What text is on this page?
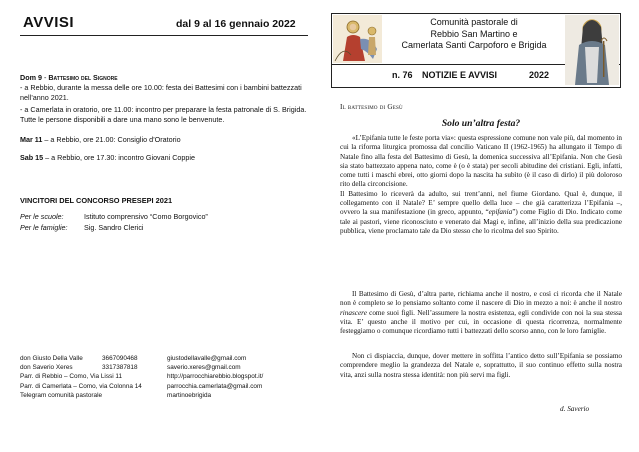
AVVISI	dal 9 al 16 gennaio 2022
Dom 9 - Battesimo del Signore
- a Rebbio, durante la messa delle ore 10.00: festa dei Battesimi con i bambini battezzati nell’anno 2021.
- a Camerlata in oratorio, ore 11.00: incontro per preparare la festa patronale di S. Brigida. Tutte le persone disponibili a dare una mano sono le benvenute.
Mar 11 – a Rebbio, ore 21.00: Consiglio d’Oratorio
Sab 15 – a Rebbio, ore 17.30: incontro Giovani Coppie
VINCITORI DEL CONCORSO PRESEPI 2021
Per le scuole:	Istituto comprensivo “Como Borgovico”
Per le famiglie: Sig. Sandro Clerici
don Giusto Della Valle	3667090468	giustodellavalle@gmail.com
don Saverio Xeres	3317387818	saverio.xeres@gmail.com
Parr. di Rebbio – Como, Via Lissi 11	http://parrocchiarebbio.blogspot.it/
Parr. di Camerlata – Como, via Colonna 14	parrocchia.camerlata@gmail.com
Telegram comunità pastorale	martinoebrigida
Comunità pastorale di
Rebbio San Martino e
Camerlata Santi Carpoforo e Brigida
n. 76 NOTIZIE E AVVISI	2022
Il battesimo di Gesù
Solo un’altra festa?
«L’Epifania tutte le feste porta via»: questa espressione comune non vale più, dal momento in cui la riforma liturgica promossa dal concilio Vaticano II (1962-1965) ha allungato il Tempo di Natale fino alla festa del Battesimo di Gesù, la domenica successiva all’Epifania. Non che Gesù sia stato battezzato appena nato, come è (o è stata) per secoli abitudine dei cristiani. Egli, infatti, come tutti i maschi ebrei, otto giorni dopo la nascita ha subìto (è il caso di dirlo) il più doloroso rito della circoncisione.
Il Battesimo lo riceverà da adulto, sui trent’anni, nel fiume Giordano. Qual è, dunque, il collegamento con il Natale? E’ sempre quello della luce – che già caratterizza l’Epifania –, ovvero la sua manifestazione (in greco, appunto, “epifania”) come Figlio di Dio. Indicato come tale ai pastori, viene riconosciuto e venerato dai Magi e, infine, all’inizio della sua predicazione pubblica, viene proclamato tale da Dio stesso che lo ricolma del suo Spirito.
Il Battesimo di Gesù, d’altra parte, richiama anche il nostro, e così ci ricorda che il Natale non è completo se lo pensiamo soltanto come il nascere di Dio in mezzo a noi: è anche il nostro rinascere come suoi figli. Nell’assumere la nostra esistenza, egli condivide con noi la sua stessa vita. E’ questo anche il motivo per cui, in occasione di questa ricorrenza, normalmente festeggiamo o comunque ricordiamo tutti i battezzati dello scorso anno, con le loro famiglie.
Non ci dispiaccia, dunque, dover mettere in soffitta l’antico detto sull’Epifania se possiamo comprendere meglio la grandezza del Natale e, soprattutto, il suo continuo effetto sulla nostra vita, anzi sulla nostra stessa identità: non più servi ma figli.
d. Saverio
